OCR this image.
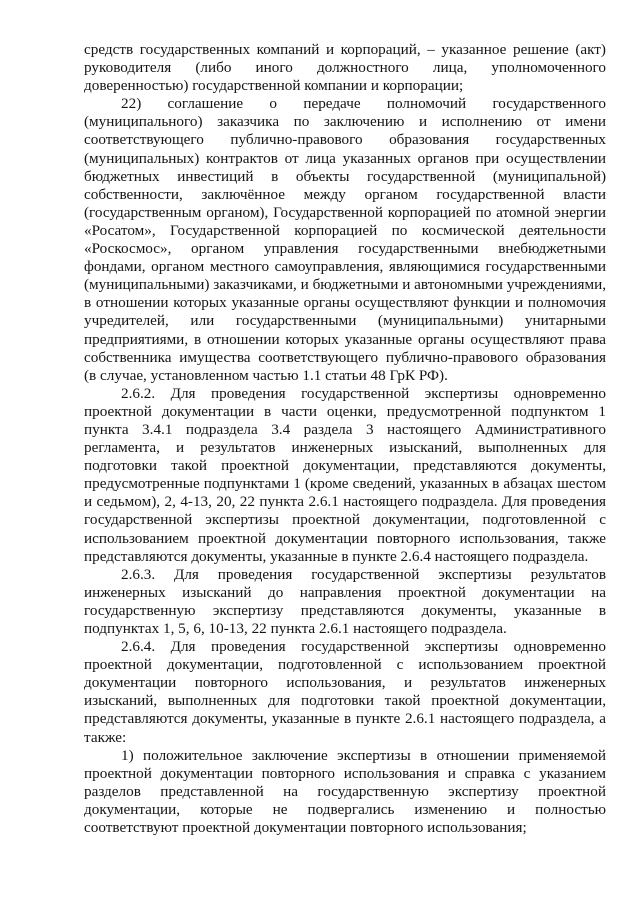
средств государственных компаний и корпораций, – указанное решение (акт) руководителя (либо иного должностного лица, уполномоченного доверенностью) государственной компании и корпорации;

22) соглашение о передаче полномочий государственного (муниципального) заказчика по заключению и исполнению от имени соответствующего публично-правового образования государственных (муниципальных) контрактов от лица указанных органов при осуществлении бюджетных инвестиций в объекты государственной (муниципальной) собственности, заключённое между органом государственной власти (государственным органом), Государственной корпорацией по атомной энергии «Росатом», Государственной корпорацией по космической деятельности «Роскосмос», органом управления государственными внебюджетными фондами, органом местного самоуправления, являющимися государственными (муниципальными) заказчиками, и бюджетными и автономными учреждениями, в отношении которых указанные органы осуществляют функции и полномочия учредителей, или государственными (муниципальными) унитарными предприятиями, в отношении которых указанные органы осуществляют права собственника имущества соответствующего публично-правового образования (в случае, установленном частью 1.1 статьи 48 ГрК РФ).

2.6.2. Для проведения государственной экспертизы одновременно проектной документации в части оценки, предусмотренной подпунктом 1 пункта 3.4.1 подраздела 3.4 раздела 3 настоящего Административного регламента, и результатов инженерных изысканий, выполненных для подготовки такой проектной документации, представляются документы, предусмотренные подпунктами 1 (кроме сведений, указанных в абзацах шестом и седьмом), 2, 4-13, 20, 22 пункта 2.6.1 настоящего подраздела. Для проведения государственной экспертизы проектной документации, подготовленной с использованием проектной документации повторного использования, также представляются документы, указанные в пункте 2.6.4 настоящего подраздела.

2.6.3. Для проведения государственной экспертизы результатов инженерных изысканий до направления проектной документации на государственную экспертизу представляются документы, указанные в подпунктах 1, 5, 6, 10-13, 22 пункта 2.6.1 настоящего подраздела.

2.6.4. Для проведения государственной экспертизы одновременно проектной документации, подготовленной с использованием проектной документации повторного использования, и результатов инженерных изысканий, выполненных для подготовки такой проектной документации, представляются документы, указанные в пункте 2.6.1 настоящего подраздела, а также:

1) положительное заключение экспертизы в отношении применяемой проектной документации повторного использования и справка с указанием разделов представленной на государственную экспертизу проектной документации, которые не подвергались изменению и полностью соответствуют проектной документации повторного использования;
